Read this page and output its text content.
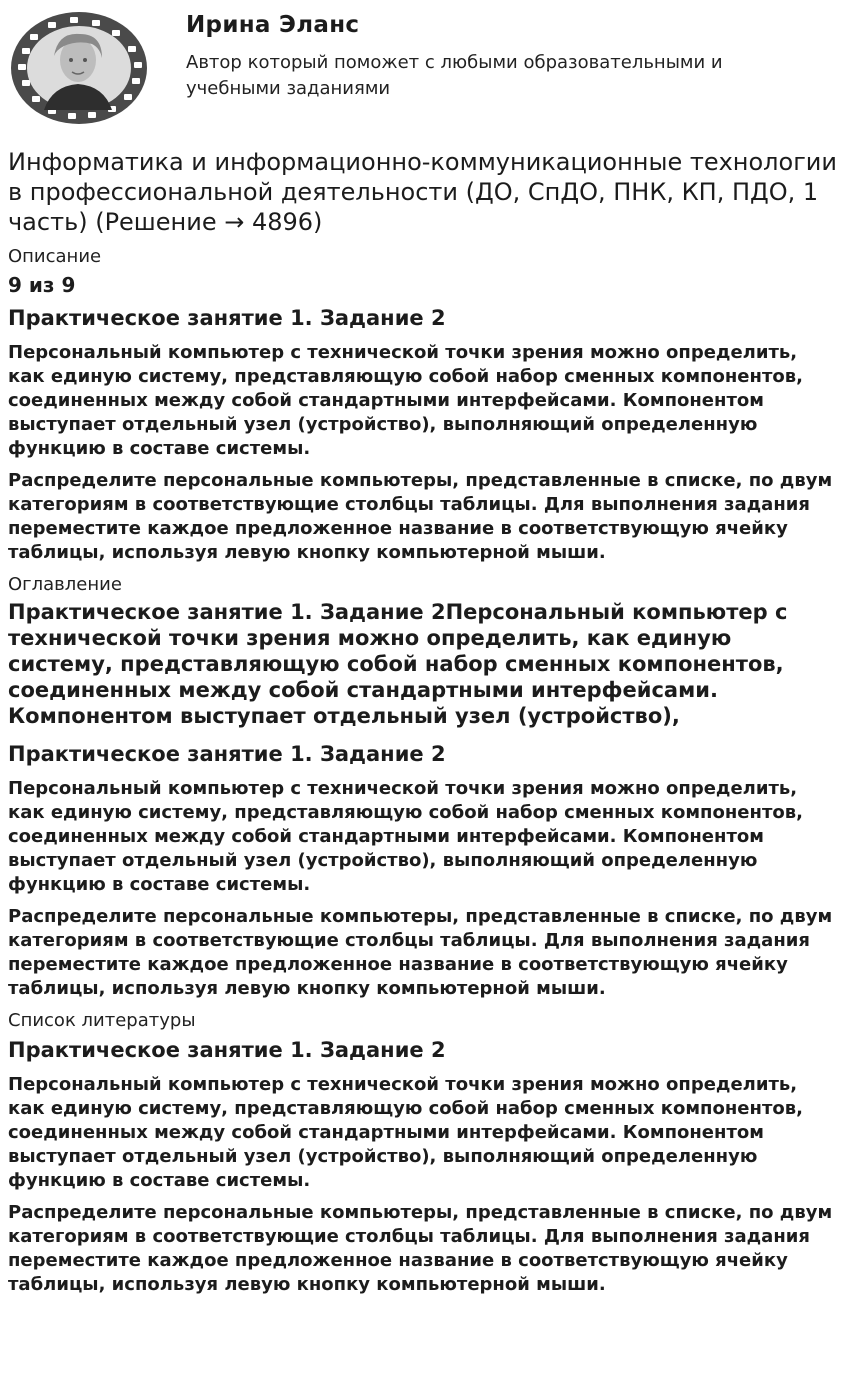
Ирина Эланс

Автор который поможет с любыми образовательными и учебными заданиями

Информатика и информационно-коммуникационные технологии в профессиональной деятельности (ДО, СпДО, ПНК, КП, ПДО, 1 часть) (Решение → 4896)

Описание

9 из 9

Практическое занятие 1. Задание 2

Персональный компьютер с технической точки зрения можно определить, как единую систему, представляющую собой набор сменных компонентов, соединенных между собой стандартными интерфейсами. Компонентом выступает отдельный узел (устройство), выполняющий определенную функцию в составе системы.

Распределите персональные компьютеры, представленные в списке, по двум категориям в соответствующие столбцы таблицы. Для выполнения задания переместите каждое предложенное название в соответствующую ячейку таблицы, используя левую кнопку компьютерной мыши.

Оглавление

Практическое занятие 1. Задание 2Персональный компьютер с технической точки зрения можно определить, как единую систему, представляющую собой набор сменных компонентов, соединенных между собой стандартными интерфейсами. Компонентом выступает отдельный узел (устройство),

Практическое занятие 1. Задание 2

Персональный компьютер с технической точки зрения можно определить, как единую систему, представляющую собой набор сменных компонентов, соединенных между собой стандартными интерфейсами. Компонентом выступает отдельный узел (устройство), выполняющий определенную функцию в составе системы.

Распределите персональные компьютеры, представленные в списке, по двум категориям в соответствующие столбцы таблицы. Для выполнения задания переместите каждое предложенное название в соответствующую ячейку таблицы, используя левую кнопку компьютерной мыши.

Список литературы

Практическое занятие 1. Задание 2

Персональный компьютер с технической точки зрения можно определить, как единую систему, представляющую собой набор сменных компонентов, соединенных между собой стандартными интерфейсами. Компонентом выступает отдельный узел (устройство), выполняющий определенную функцию в составе системы.

Распределите персональные компьютеры, представленные в списке, по двум категориям в соответствующие столбцы таблицы. Для выполнения задания переместите каждое предложенное название в соответствующую ячейку таблицы, используя левую кнопку компьютерной мыши.
